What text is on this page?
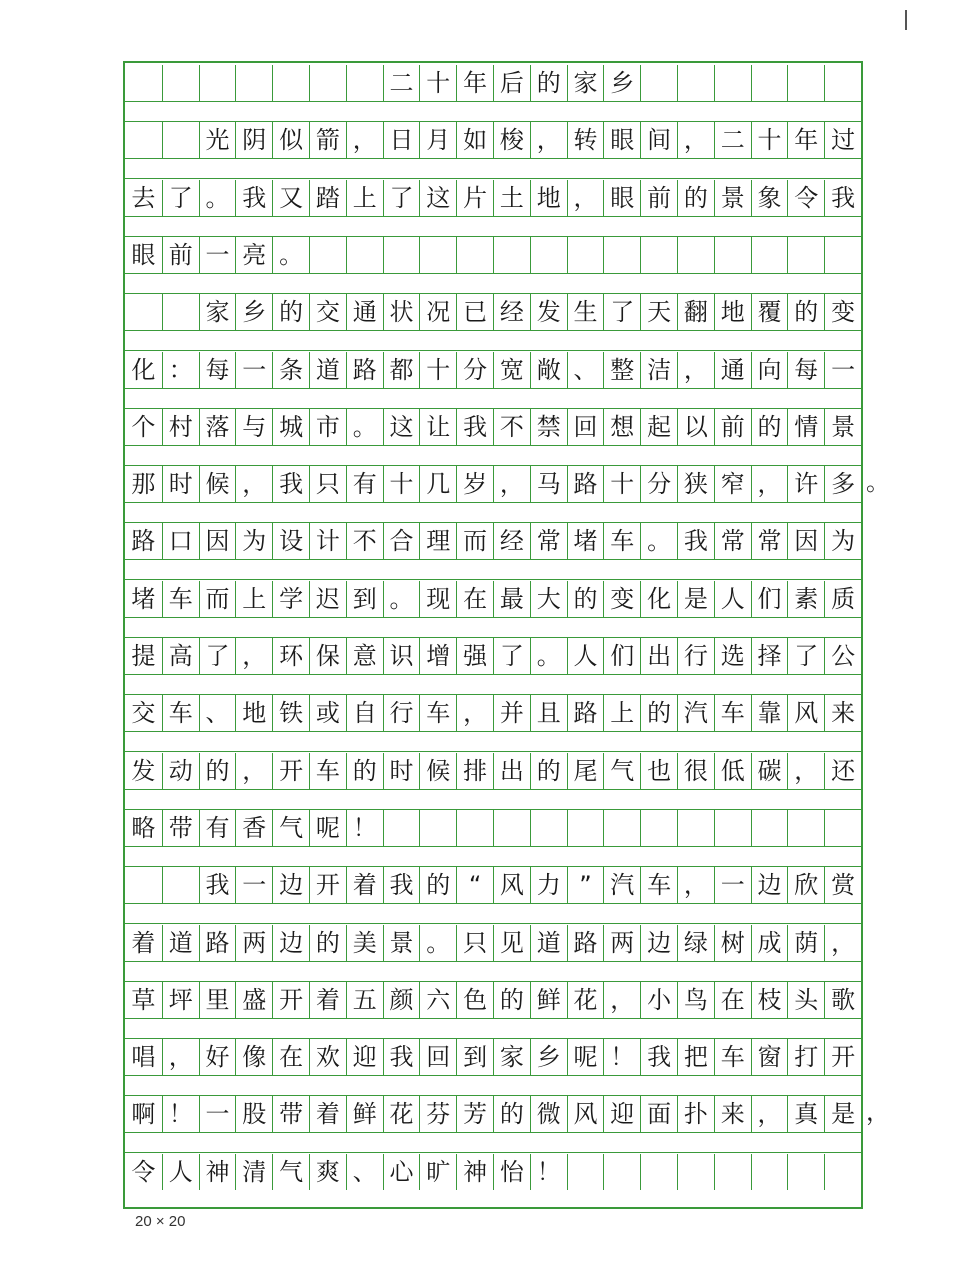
二 十 年 后 的 家 乡
光 阴 似 箭 ， 日 月 如 梭 ， 转 眼 间 ， 二 十 年 过
去 了 。 我 又 踏 上 了 这 片 土 地 ， 眼 前 的 景 象 令 我
眼 前 一 亮 。
家 乡 的 交 通 状 况 已 经 发 生 了 天 翻 地 覆 的 变
化 ： 每 一 条 道 路 都 十 分 宽 敞 、 整 洁 ， 通 向 每 一
个 村 落 与 城 市 。 这 让 我 不 禁 回 想 起 以 前 的 情 景
那 时 候 ， 我 只 有 十 几 岁 ， 马 路 十 分 狭 窄 ， 许 多
路 口 因 为 设 计 不 合 理 而 经 常 堵 车 。 我 常 常 因 为
堵 车 而 上 学 迟 到 。 现 在 最 大 的 变 化 是 人 们 素 质
提 高 了 ， 环 保 意 识 增 强 了 。 人 们 出 行 选 择 了 公
交 车 、 地 铁 或 自 行 车 ， 并 且 路 上 的 汽 车 靠 风 来
发 动 的 ， 开 车 的 时 候 排 出 的 尾 气 也 很 低 碳 ， 还
略 带 有 香 气 呢 ！
我 一 边 开 着 我 的 “ 风 力 ” 汽 车 ， 一 边 欣 赏
着 道 路 两 边 的 美 景 。 只 见 道 路 两 边 绿 树 成 荫 ，
草 坪 里 盛 开 着 五 颜 六 色 的 鲜 花 ， 小 鸟 在 枝 头 歌
唱 ， 好 像 在 欢 迎 我 回 到 家 乡 呢 ！ 我 把 车 窗 打 开
啊 ！ 一 股 带 着 鲜 花 芬 芳 的 微 风 迎 面 扑 来 ， 真 是
令 人 神 清 气 爽 、 心 旷 神 怡 ！
。
，
20 × 20
